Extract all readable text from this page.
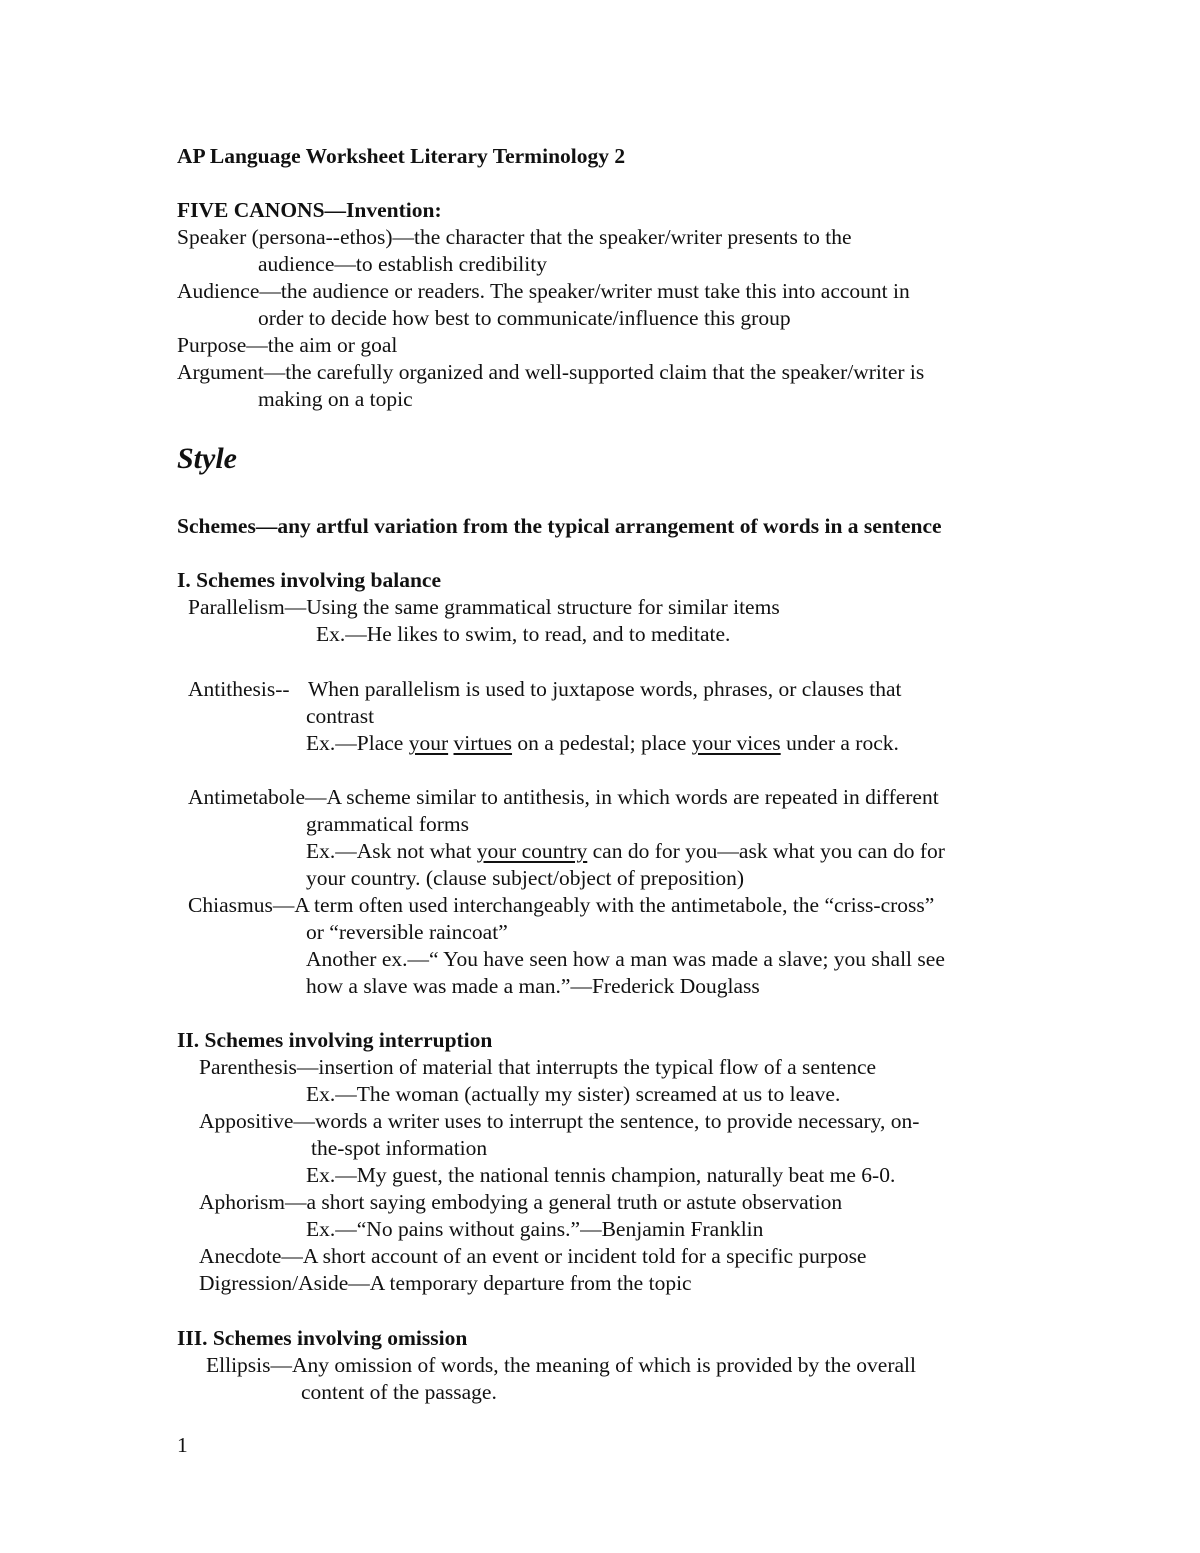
AP Language Worksheet Literary Terminology 2
FIVE CANONS—Invention:
Speaker (persona--ethos)—the character that the speaker/writer presents to the
audience—to establish credibility
Audience—the audience or readers. The speaker/writer must take this into account in
order to decide how best to communicate/influence this group
Purpose—the aim or goal
Argument—the carefully organized and well-supported claim that the speaker/writer is
making on a topic
Style
Schemes—any artful variation from the typical arrangement of words in a sentence
I. Schemes involving balance
Parallelism—Using the same grammatical structure for similar items
Ex.—He likes to swim, to read, and to meditate.
Antithesis-- When parallelism is used to juxtapose words, phrases, or clauses that
contrast
Ex.—Place your virtues on a pedestal; place your vices under a rock.
Antimetabole—A scheme similar to antithesis, in which words are repeated in different
grammatical forms
Ex.—Ask not what your country can do for you—ask what you can do for
your country. (clause subject/object of preposition)
Chiasmus—A term often used interchangeably with the antimetabole, the “criss-cross”
or “reversible raincoat”
Another ex.—“ You have seen how a man was made a slave; you shall see
how a slave was made a man.”—Frederick Douglass
II. Schemes involving interruption
Parenthesis—insertion of material that interrupts the typical flow of a sentence
Ex.—The woman (actually my sister) screamed at us to leave.
Appositive—words a writer uses to interrupt the sentence, to provide necessary, on-
the-spot information
Ex.—My guest, the national tennis champion, naturally beat me 6-0.
Aphorism—a short saying embodying a general truth or astute observation
Ex.—“No pains without gains.”—Benjamin Franklin
Anecdote—A short account of an event or incident told for a specific purpose
Digression/Aside—A temporary departure from the topic
III. Schemes involving omission
Ellipsis—Any omission of words, the meaning of which is provided by the overall
content of the passage.
1
